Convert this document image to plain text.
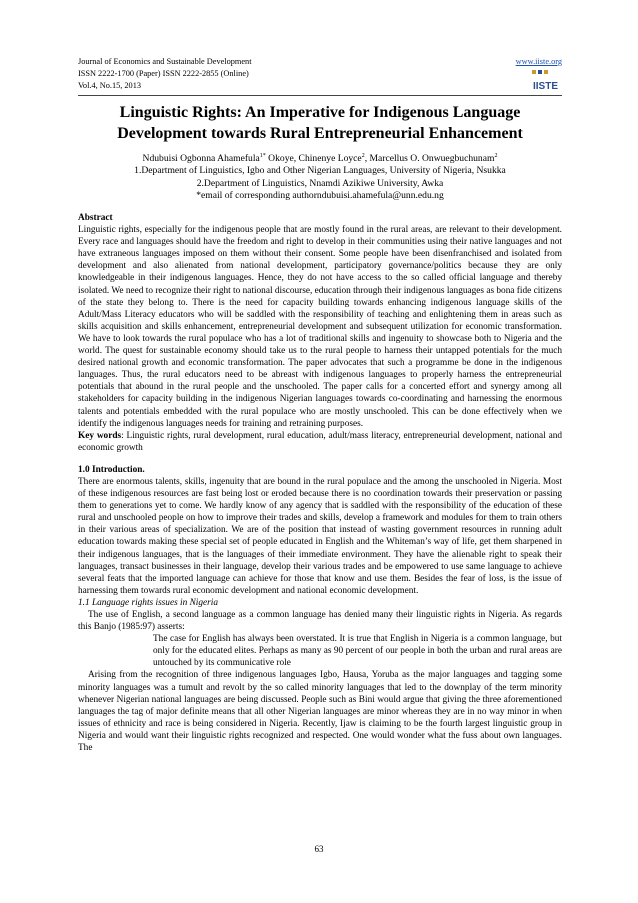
Journal of Economics and Sustainable Development
ISSN 2222-1700 (Paper) ISSN 2222-2855 (Online)
Vol.4, No.15, 2013
www.iiste.org
IISTE
Linguistic Rights: An Imperative for Indigenous Language
Development towards Rural Entrepreneurial Enhancement
Ndubuisi Ogbonna Ahamefula$^{1*}$ Okoye, Chinenye Loyce$^2$, Marcellus O. Onwuegbuchunam$^2$
1.Department of Linguistics, Igbo and Other Nigerian Languages, University of Nigeria, Nsukka
2.Department of Linguistics, Nnamdi Azikiwe University, Awka
*email of corresponding authorndubuisi.ahamefula@unn.edu.ng

Abstract

Linguistic rights, especially for the indigenous people that are mostly found in the rural areas, are relevant to their development. Every race and languages should have the freedom and right to develop in their communities using their native languages and not have extraneous languages imposed on them without their consent. Some people have been disenfranchised and isolated from development and also alienated from national development, participatory governance/politics because they are only knowledgeable in their indigenous languages. Hence, they do not have access to the so called official language and thereby isolated. We need to recognize their right to national discourse, education through their indigenous languages as bona fide citizens of the state they belong to. There is the need for capacity building towards enhancing indigenous language skills of the Adult/Mass Literacy educators who will be saddled with the responsibility of teaching and enlightening them in areas such as skills acquisition and skills enhancement, entrepreneurial development and subsequent utilization for economic transformation. We have to look towards the rural populace who has a lot of traditional skills and ingenuity to showcase both to Nigeria and the world. The quest for sustainable economy should take us to the rural people to harness their untapped potentials for the much desired national growth and economic transformation. The paper advocates that such a programme be done in the indigenous languages. Thus, the rural educators need to be abreast with indigenous languages to properly harness the entrepreneurial potentials that abound in the rural people and the unschooled. The paper calls for a concerted effort and synergy among all stakeholders for capacity building in the indigenous Nigerian languages towards co-coordinating and harnessing the enormous talents and potentials embedded with the rural populace who are mostly unschooled. This can be done effectively when we identify the indigenous languages needs for training and retraining purposes.

Key words: Linguistic rights, rural development, rural education, adult/mass literacy, entrepreneurial development, national and economic growth

1.0 Introduction.

There are enormous talents, skills, ingenuity that are bound in the rural populace and the among the unschooled in Nigeria. Most of these indigenous resources are fast being lost or eroded because there is no coordination towards their preservation or passing them to generations yet to come. We hardly know of any agency that is saddled with the responsibility of the education of these rural and unschooled people on how to improve their trades and skills, develop a framework and modules for them to train others in their various areas of specialization. We are of the position that instead of wasting government resources in running adult education towards making these special set of people educated in English and the Whiteman’s way of life, get them sharpened in their indigenous languages, that is the languages of their immediate environment. They have the alienable right to speak their languages, transact businesses in their language, develop their various trades and be empowered to use same language to achieve several feats that the imported language can achieve for those that know and use them. Besides the fear of loss, is the issue of harnessing them towards rural economic development and national economic development.

1.1 Language rights issues in Nigeria

The use of English, a second language as a common language has denied many their linguistic rights in Nigeria. As regards this Banjo (1985:97) asserts:

The case for English has always been overstated. It is true that English in Nigeria is a common language, but only for the educated elites. Perhaps as many as 90 percent of our people in both the urban and rural areas are untouched by its communicative role

Arising from the recognition of three indigenous languages Igbo, Hausa, Yoruba as the major languages and tagging some minority languages was a tumult and revolt by the so called minority languages that led to the downplay of the term minority whenever Nigerian national languages are being discussed. People such as Bini would argue that giving the three aforementioned languages the tag of major definite means that all other Nigerian languages are minor whereas they are in no way minor in when issues of ethnicity and race is being considered in Nigeria. Recently, Ijaw is claiming to be the fourth largest linguistic group in Nigeria and would want their linguistic rights recognized and respected. One would wonder what the fuss about own languages. The

63
